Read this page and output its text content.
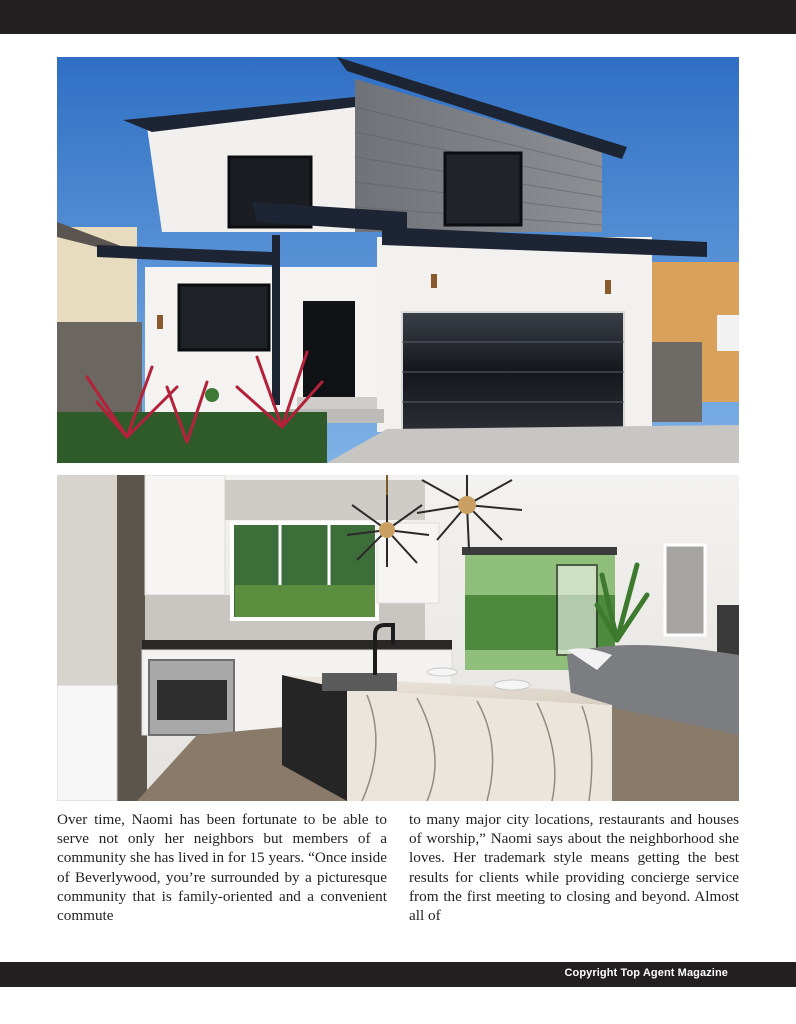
Over time, Naomi has been fortunate to be able to serve not only her neighbors but members of a community she has lived in for 15 years. “Once inside of Beverlywood, you’re surrounded by a picturesque community that is family-oriented and a convenient commute
to many major city locations, restaurants and houses of worship,” Naomi says about the neighborhood she loves. Her trademark style means getting the best results for clients while providing concierge service from the first meeting to closing and beyond. Almost all of
Copyright Top Agent Magazine
